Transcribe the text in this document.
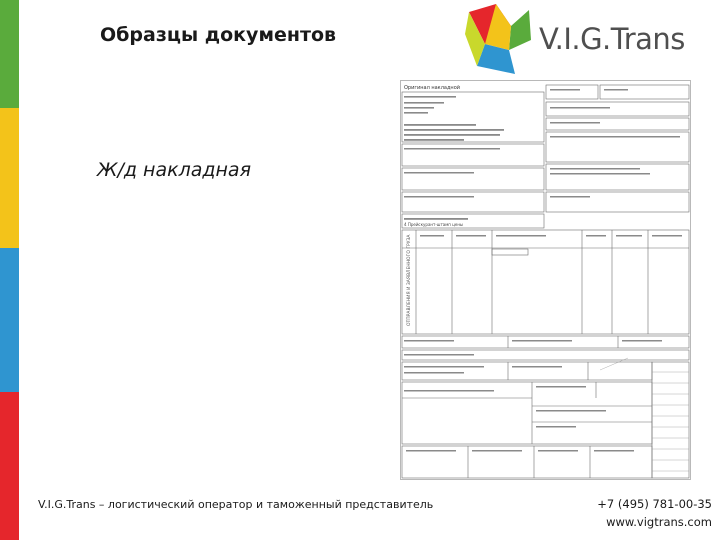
Образцы документов
Ж/д накладная
V.I.G.Trans
Оригинал накладной
ОТПРАВЛЕНИЯ И ЗАЯВЛЕННОГО ГРУЗА
4 Прейскурант-штамп цены
V.I.G.Trans – логистический оператор и таможенный представитель	+7 (495) 781-00-35
www.vigtrans.com
